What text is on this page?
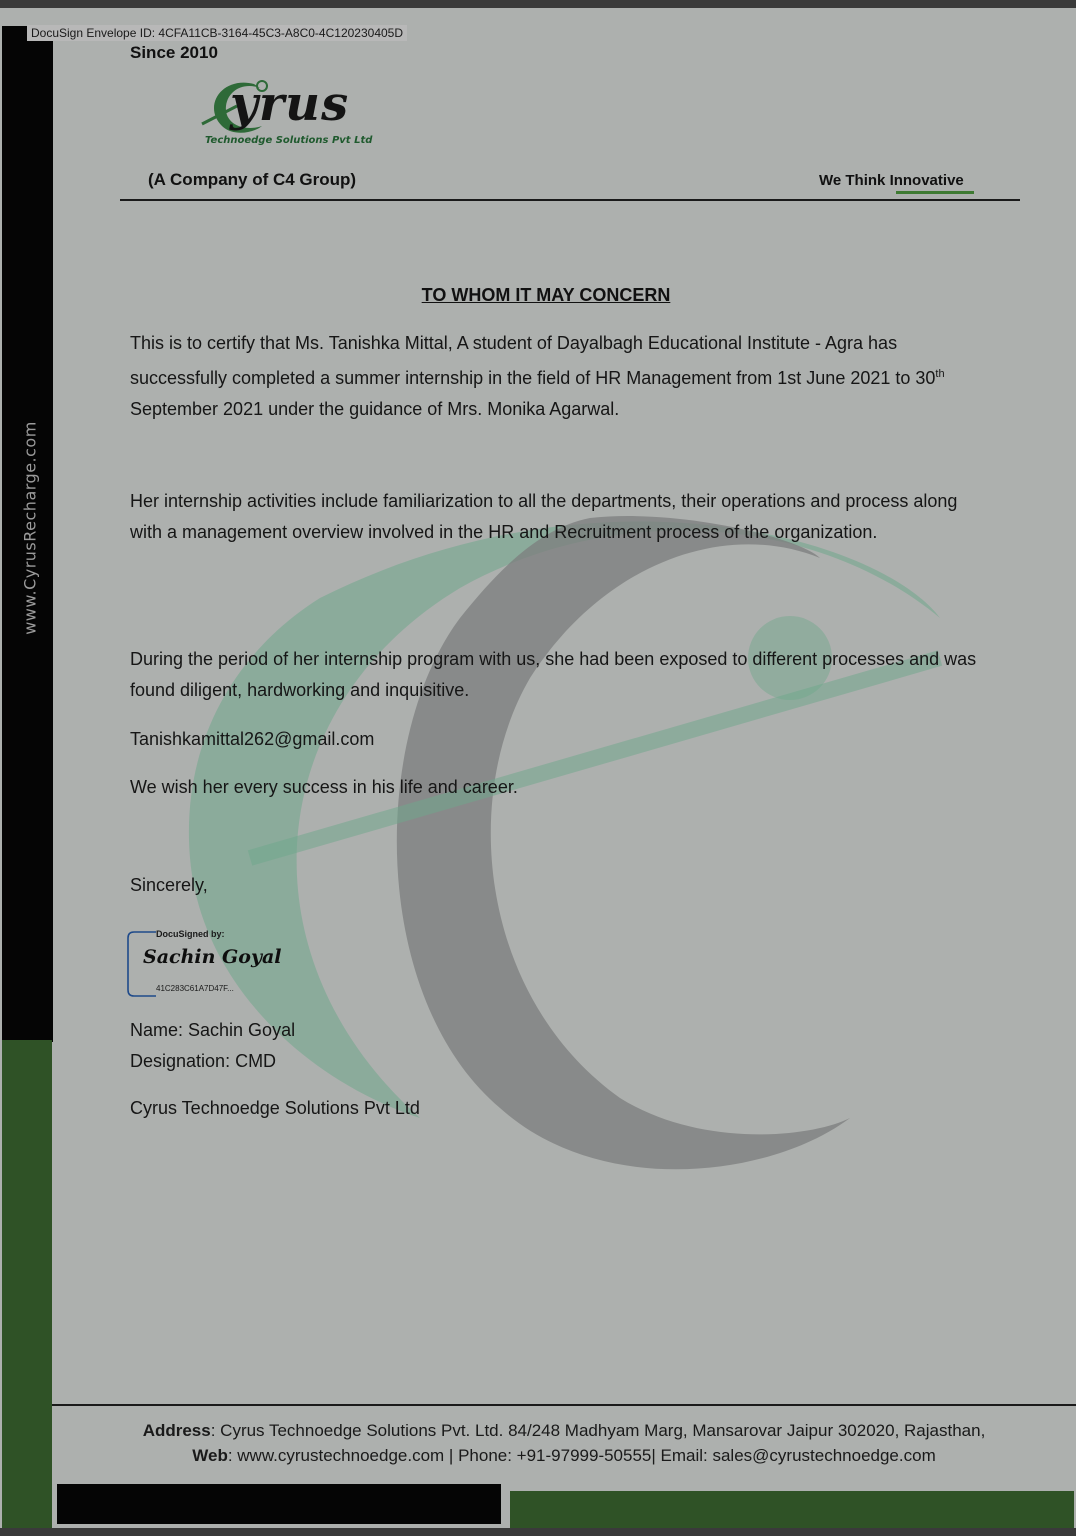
www.CyrusRecharge.com
DocuSign Envelope ID: 4CFA11CB-3164-45C3-A8C0-4C120230405D
Since 2010
yrus
Technoedge Solutions Pvt Ltd
(A Company of C4 Group)	We Think Innovative
TO WHOM IT MAY CONCERN
This is to certify that Ms. Tanishka Mittal, A student of Dayalbagh Educational Institute - Agra has successfully completed a summer internship in the field of HR Management from 1st June 2021 to 30th September 2021 under the guidance of Mrs. Monika Agarwal.
Her internship activities include familiarization to all the departments, their operations and process along with a management overview involved in the HR and Recruitment process of the organization.
During the period of her internship program with us, she had been exposed to different processes and was found diligent, hardworking and inquisitive.
Tanishkamittal262@gmail.com
We wish her every success in his life and career.
Sincerely,
DocuSigned by:
Sachin Goyal
41C283C61A7D47F...
Name: Sachin Goyal
Designation: CMD
Cyrus Technoedge Solutions Pvt Ltd
Address: Cyrus Technoedge Solutions Pvt. Ltd. 84/248 Madhyam Marg, Mansarovar Jaipur 302020, Rajasthan,
Web: www.cyrustechnoedge.com | Phone: +91-97999-50555| Email: sales@cyrustechnoedge.com
